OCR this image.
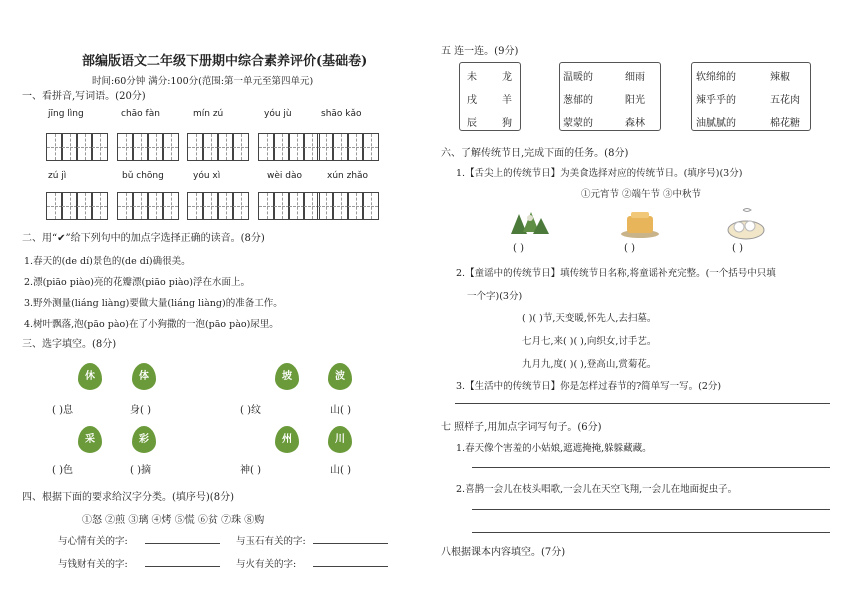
部编版语文二年级下册期中综合素养评价(基础卷)
时间:60分钟 满分:100分(范围:第一单元至第四单元)
一、看拼音,写词语。(20分)
jīng lìng	chāo fàn	mín zú	yóu jù	shāo kǎo
zú jì	bǔ chōng	yóu xì	wèi dào	xún zhǎo
二、用“✔”给下列句中的加点字选择正确的读音。(8分)
1.春天的(de dí)景色的(de dí)确很美。
2.漂(piāo piào)亮的花瓣漂(piāo piào)浮在水面上。
3.野外测量(liáng liàng)要做大量(liáng liàng)的准备工作。
4.树叶飘落,泡(pāo pào)在了小狗撒的一泡(pāo pào)尿里。
三、选字填空。(8分)
休	体	坡	波
( )息	身( )	( )纹	山( )
采	彩	州	川
( )色	( )摘	神( )	山( )
四、根据下面的要求给汉字分类。(填序号)(8分)
①怒 ②煎 ③璃 ④烤 ⑤慌 ⑥贫 ⑦珠 ⑧购
与心情有关的字:	与玉石有关的字:
与钱财有关的字:	与火有关的字:
五 连一连。(9分)
未	龙
戌	羊
辰	狗
温暖的	细雨
葱郁的	阳光
蒙蒙的	森林
软绵绵的	辣椒
辣乎乎的	五花肉
油腻腻的	棉花糖
六、了解传统节日,完成下面的任务。(8分)
1.【舌尖上的传统节日】为美食选择对应的传统节日。(填序号)(3分)
①元宵节 ②端午节 ③中秋节
( )	( )	( )
2.【童谣中的传统节日】填传统节日名称,将童谣补充完整。(一个括号中只填
一个字)(3分)
( )( )节,天变暖,怀先人,去扫墓。
七月七,来( )( ),向织女,讨手艺。
九月九,度( )( ),登高山,赏菊花。
3.【生活中的传统节日】你是怎样过春节的?简单写一写。(2分)
七 照样子,用加点字词写句子。(6分)
1.春天像个害羞的小姑娘,遮遮掩掩,躲躲藏藏。
2.喜鹊一会儿在枝头唱歌,一会儿在天空飞翔,一会儿在地面捉虫子。
八根据课本内容填空。(7分)
